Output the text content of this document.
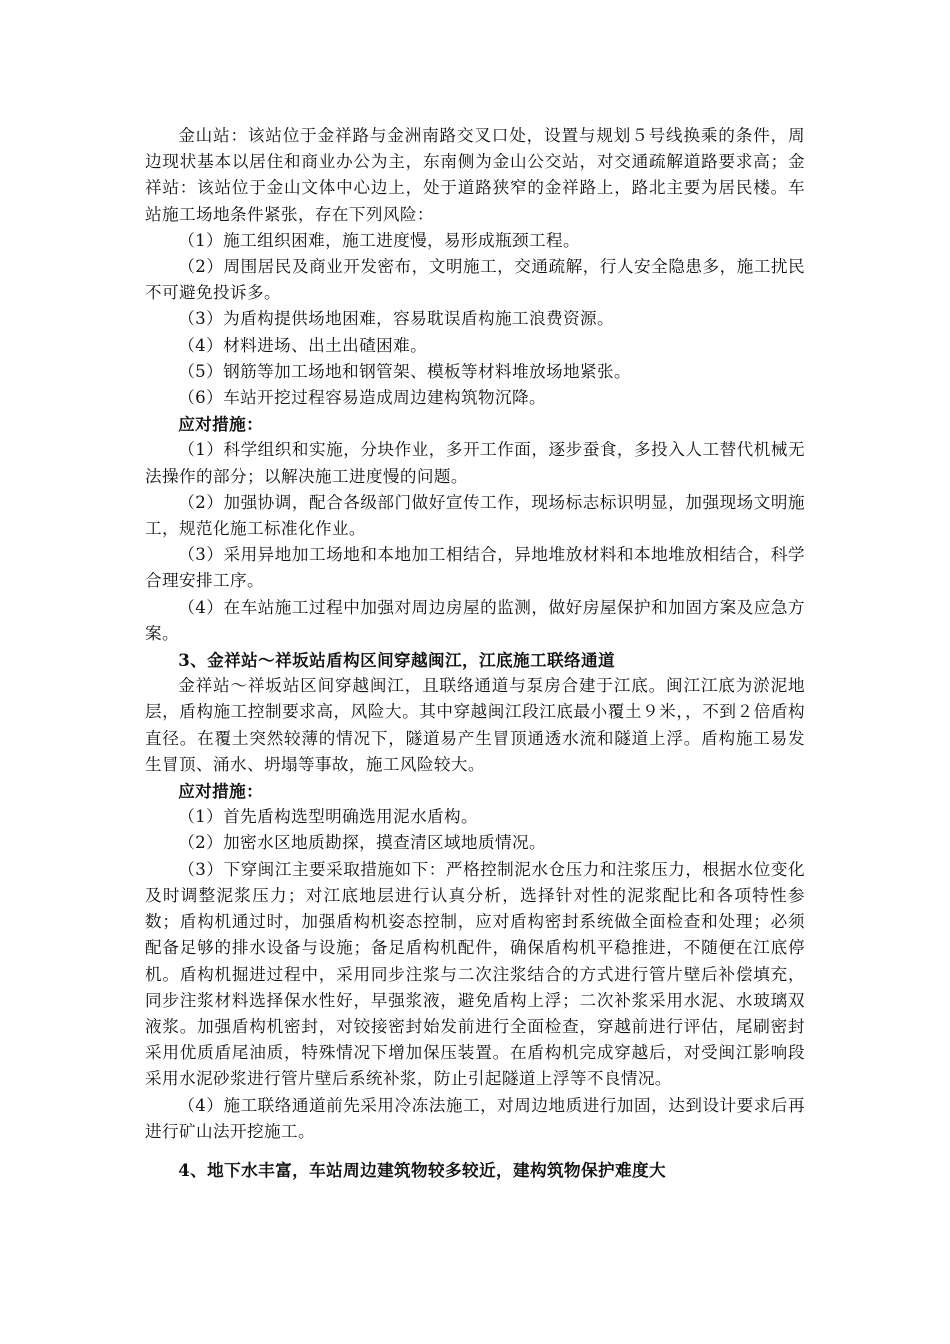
金山站：该站位于金祥路与金洲南路交叉口处，设置与规划５号线换乘的条件，周边现状基本以居住和商业办公为主，东南侧为金山公交站，对交通疏解道路要求高；金祥站：该站位于金山文体中心边上，处于道路狭窄的金祥路上，路北主要为居民楼。车站施工场地条件紧张，存在下列风险：

（1）施工组织困难，施工进度慢，易形成瓶颈工程。

（2）周围居民及商业开发密布，文明施工，交通疏解，行人安全隐患多，施工扰民不可避免投诉多。

（3）为盾构提供场地困难，容易耽误盾构施工浪费资源。

（4）材料进场、出土出碴困难。

（5）钢筋等加工场地和钢管架、模板等材料堆放场地紧张。

（6）车站开挖过程容易造成周边建构筑物沉降。

应对措施：

（1）科学组织和实施，分块作业，多开工作面，逐步蚕食，多投入人工替代机械无法操作的部分；以解决施工进度慢的问题。

（2）加强协调，配合各级部门做好宣传工作，现场标志标识明显，加强现场文明施工，规范化施工标准化作业。

（3）采用异地加工场地和本地加工相结合，异地堆放材料和本地堆放相结合，科学合理安排工序。

（4）在车站施工过程中加强对周边房屋的监测，做好房屋保护和加固方案及应急方案。

3、金祥站～祥坂站盾构区间穿越闽江，江底施工联络通道

金祥站～祥坂站区间穿越闽江，且联络通道与泵房合建于江底。闽江江底为淤泥地层，盾构施工控制要求高，风险大。其中穿越闽江段江底最小覆土９米，，不到２倍盾构直径。在覆土突然较薄的情况下，隧道易产生冒顶通透水流和隧道上浮。盾构施工易发生冒顶、涌水、坍塌等事故，施工风险较大。

应对措施：

（1）首先盾构选型明确选用泥水盾构。

（2）加密水区地质勘探，摸查清区域地质情况。

（3）下穿闽江主要采取措施如下：严格控制泥水仓压力和注浆压力，根据水位变化及时调整泥浆压力；对江底地层进行认真分析，选择针对性的泥浆配比和各项特性参数；盾构机通过时，加强盾构机姿态控制，应对盾构密封系统做全面检查和处理；必须配备足够的排水设备与设施；备足盾构机配件，确保盾构机平稳推进，不随便在江底停机。盾构机掘进过程中，采用同步注浆与二次注浆结合的方式进行管片壁后补偿填充，同步注浆材料选择保水性好，早强浆液，避免盾构上浮；二次补浆采用水泥、水玻璃双液浆。加强盾构机密封，对铰接密封始发前进行全面检查，穿越前进行评估，尾刷密封采用优质盾尾油质，特殊情况下增加保压装置。在盾构机完成穿越后，对受闽江影响段采用水泥砂浆进行管片壁后系统补浆，防止引起隧道上浮等不良情况。

（4）施工联络通道前先采用冷冻法施工，对周边地质进行加固，达到设计要求后再进行矿山法开挖施工。

4、地下水丰富，车站周边建筑物较多较近，建构筑物保护难度大
